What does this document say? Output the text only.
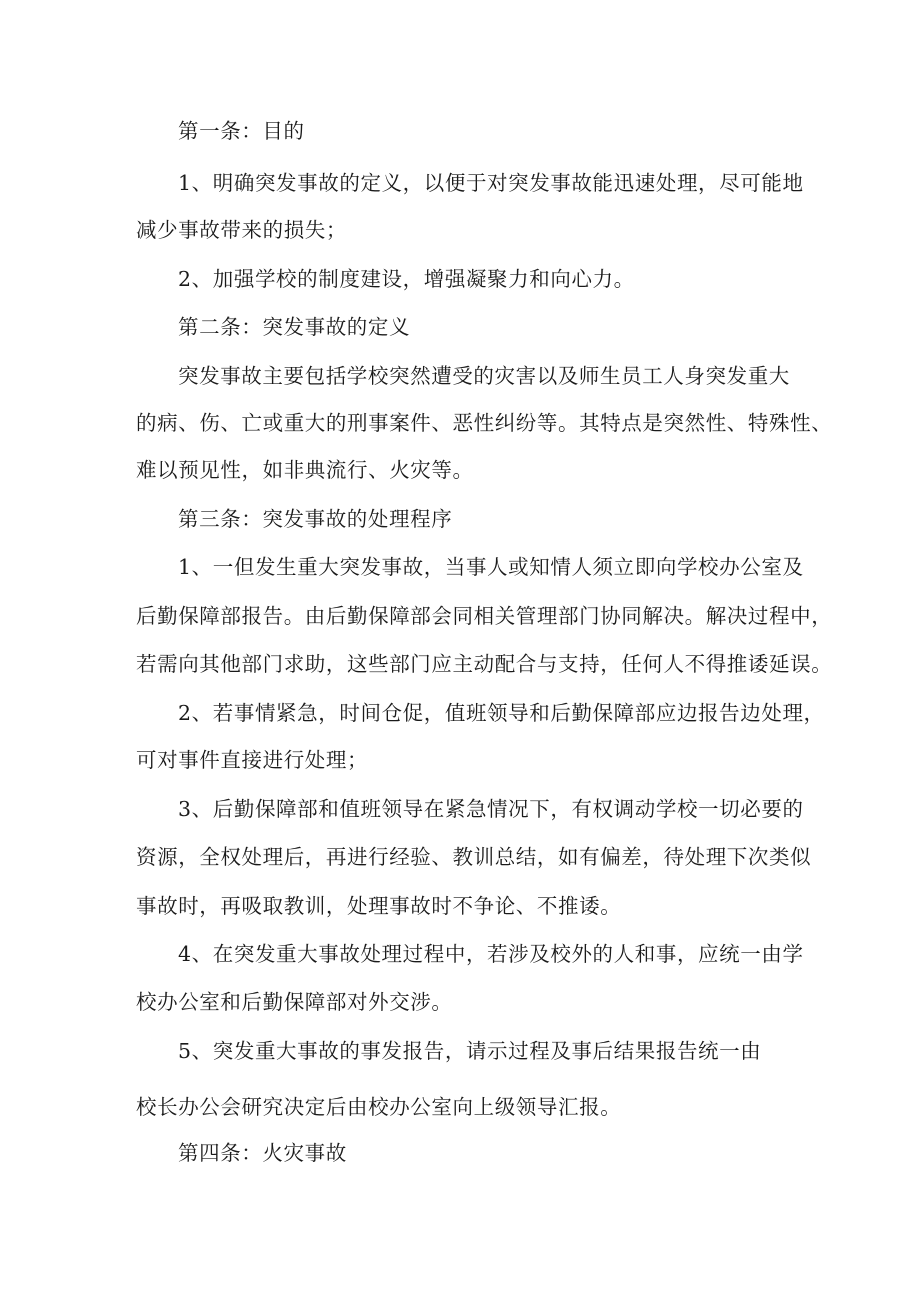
第一条：目的
1、明确突发事故的定义，以便于对突发事故能迅速处理，尽可能地
减少事故带来的损失；
2、加强学校的制度建设，增强凝聚力和向心力。
第二条：突发事故的定义
突发事故主要包括学校突然遭受的灾害以及师生员工人身突发重大
的病、伤、亡或重大的刑事案件、恶性纠纷等。其特点是突然性、特殊性、
难以预见性，如非典流行、火灾等。
第三条：突发事故的处理程序
1、一但发生重大突发事故，当事人或知情人须立即向学校办公室及
后勤保障部报告。由后勤保障部会同相关管理部门协同解决。解决过程中，
若需向其他部门求助，这些部门应主动配合与支持，任何人不得推诿延误。
2、若事情紧急，时间仓促，值班领导和后勤保障部应边报告边处理，
可对事件直接进行处理；
3、后勤保障部和值班领导在紧急情况下，有权调动学校一切必要的
资源，全权处理后，再进行经验、教训总结，如有偏差，待处理下次类似
事故时，再吸取教训，处理事故时不争论、不推诿。
4、在突发重大事故处理过程中，若涉及校外的人和事，应统一由学
校办公室和后勤保障部对外交涉。
5、突发重大事故的事发报告，请示过程及事后结果报告统一由
校长办公会研究决定后由校办公室向上级领导汇报。
第四条：火灾事故
